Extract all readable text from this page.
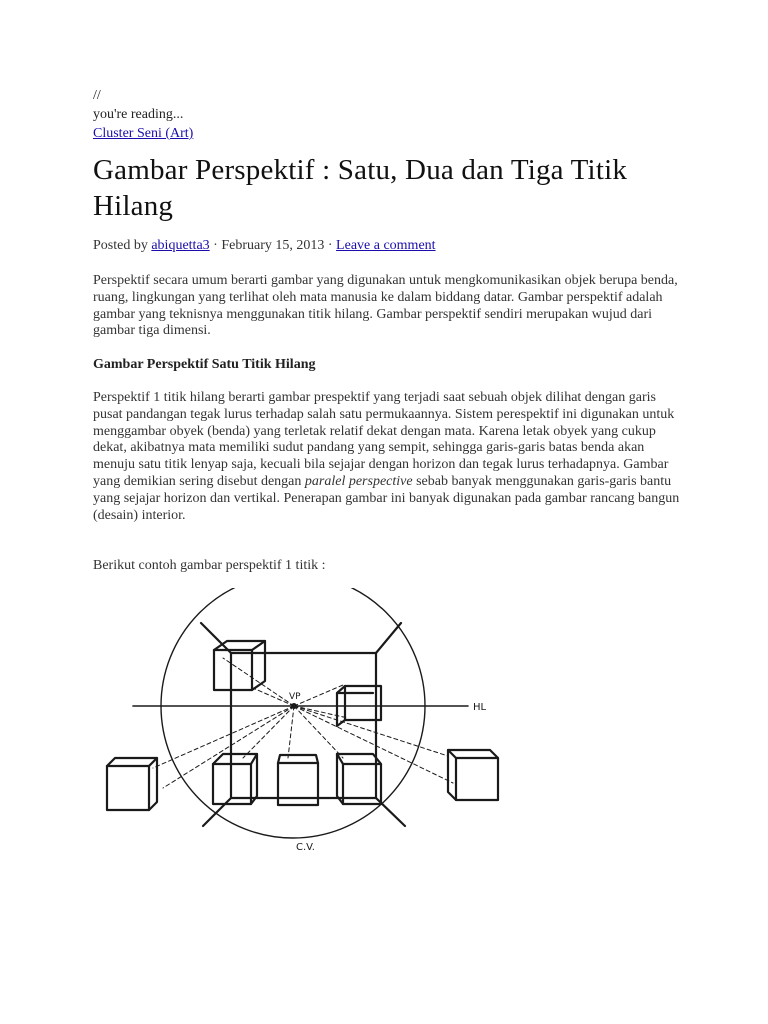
//
you're reading...
Cluster Seni (Art)
Gambar Perspektif : Satu, Dua dan Tiga Titik Hilang
Posted by abiquetta3 · February 15, 2013 · Leave a comment

Perspektif secara umum berarti gambar yang digunakan untuk mengkomunikasikan objek berupa benda, ruang, lingkungan yang terlihat oleh mata manusia ke dalam biddang datar. Gambar perspektif adalah gambar yang teknisnya menggunakan titik hilang. Gambar perspektif sendiri merupakan wujud dari gambar tiga dimensi.

Gambar Perspektif Satu Titik Hilang

Perspektif 1 titik hilang berarti gambar prespektif yang terjadi saat sebuah objek dilihat dengan garis pusat pandangan tegak lurus terhadap salah satu permukaannya. Sistem perespektif ini digunakan untuk menggambar obyek (benda) yang terletak relatif dekat dengan mata. Karena letak obyek yang cukup dekat, akibatnya mata memiliki sudut pandang yang sempit, sehingga garis-garis batas benda akan menuju satu titik lenyap saja, kecuali bila sejajar dengan horizon dan tegak lurus terhadapnya. Gambar yang demikian sering disebut dengan paralel perspective sebab banyak menggunakan garis-garis bantu yang sejajar horizon dan vertikal. Penerapan gambar ini banyak digunakan pada gambar rancang bangun (desain) interior.

Berikut contoh gambar perspektif 1 titik :

VP
HL
C.V.
